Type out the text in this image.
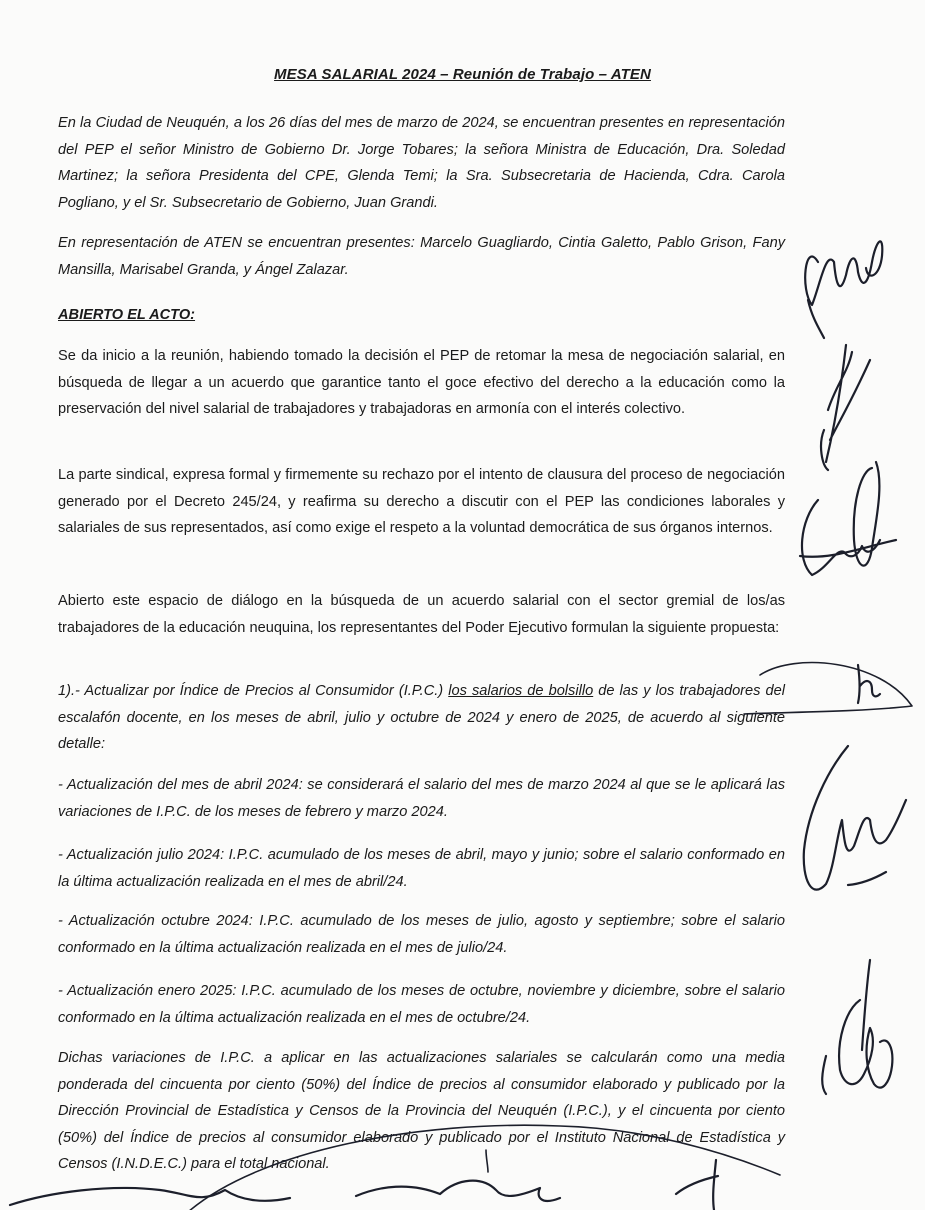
MESA SALARIAL 2024 – Reunión de Trabajo – ATEN

En la Ciudad de Neuquén, a los 26 días del mes de marzo de 2024, se encuentran presentes en representación del PEP el señor Ministro de Gobierno Dr. Jorge Tobares; la señora Ministra de Educación, Dra. Soledad Martinez; la señora Presidenta del CPE, Glenda Temi; la Sra. Subsecretaria de Hacienda, Cdra. Carola Pogliano, y el Sr. Subsecretario de Gobierno, Juan Grandi.

En representación de ATEN se encuentran presentes: Marcelo Guagliardo, Cintia Galetto, Pablo Grison, Fany Mansilla, Marisabel Granda, y Ángel Zalazar.

ABIERTO EL ACTO:

Se da inicio a la reunión, habiendo tomado la decisión el PEP de retomar la mesa de negociación salarial, en búsqueda de llegar a un acuerdo que garantice tanto el goce efectivo del derecho a la educación como la preservación del nivel salarial de trabajadores y trabajadoras en armonía con el interés colectivo.

La parte sindical, expresa formal y firmemente su rechazo por el intento de clausura del proceso de negociación generado por el Decreto 245/24, y reafirma su derecho a discutir con el PEP las condiciones laborales y salariales de sus representados, así como exige el respeto a la voluntad democrática de sus órganos internos.

Abierto este espacio de diálogo en la búsqueda de un acuerdo salarial con el sector gremial de los/as trabajadores de la educación neuquina, los representantes del Poder Ejecutivo formulan la siguiente propuesta:

1).- Actualizar por Índice de Precios al Consumidor (I.P.C.) los salarios de bolsillo de las y los trabajadores del escalafón docente, en los meses de abril, julio y octubre de 2024 y enero de 2025, de acuerdo al siguiente detalle:

- Actualización del mes de abril 2024: se considerará el salario del mes de marzo 2024 al que se le aplicará las variaciones de I.P.C. de los meses de febrero y marzo 2024.

- Actualización julio 2024: I.P.C. acumulado de los meses de abril, mayo y junio; sobre el salario conformado en la última actualización realizada en el mes de abril/24.

- Actualización octubre 2024: I.P.C. acumulado de los meses de julio, agosto y septiembre; sobre el salario conformado en la última actualización realizada en el mes de julio/24.

- Actualización enero 2025: I.P.C. acumulado de los meses de octubre, noviembre y diciembre, sobre el salario conformado en la última actualización realizada en el mes de octubre/24.

Dichas variaciones de I.P.C. a aplicar en las actualizaciones salariales se calcularán como una media ponderada del cincuenta por ciento (50%) del Índice de precios al consumidor elaborado y publicado por la Dirección Provincial de Estadística y Censos de la Provincia del Neuquén (I.P.C.), y el cincuenta por ciento (50%) del Índice de precios al consumidor elaborado y publicado por el Instituto Nacional de Estadística y Censos (I.N.D.E.C.) para el total nacional.
